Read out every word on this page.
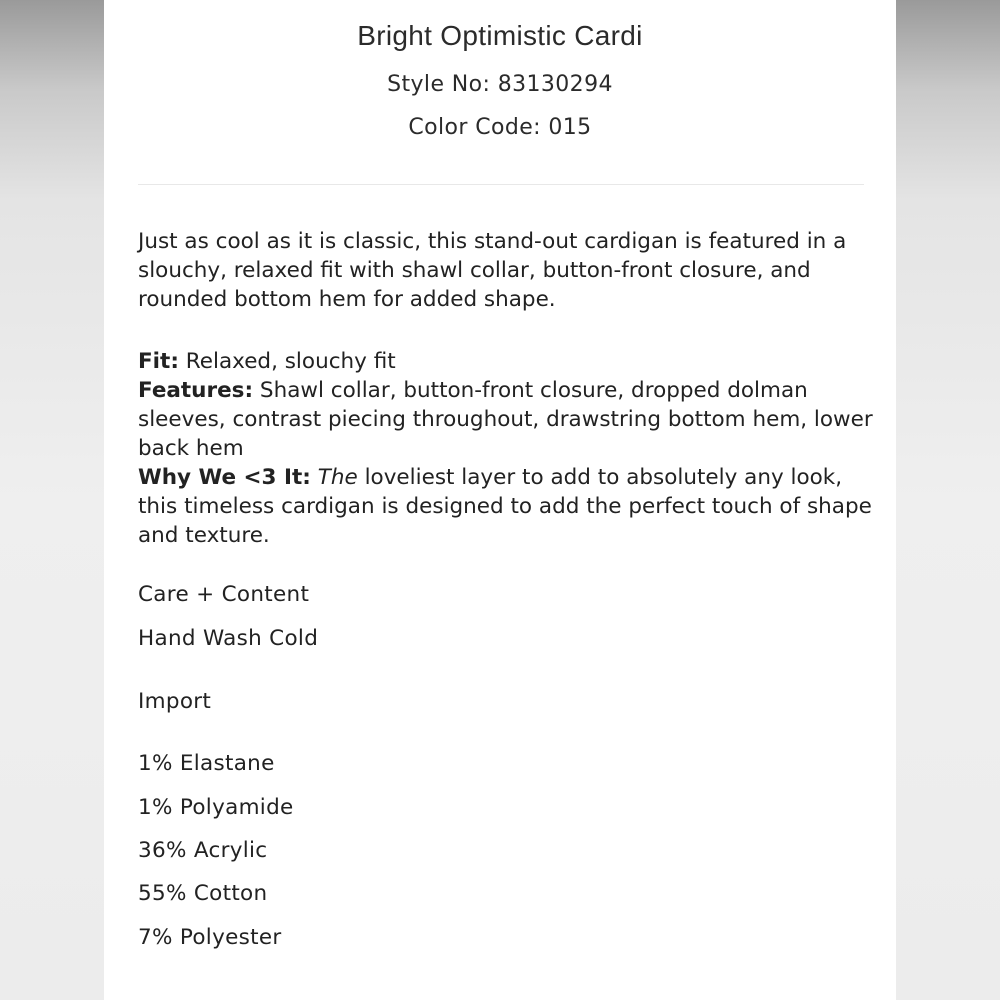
Bright Optimistic Cardi
Style No: 83130294
Color Code: 015
Just as cool as it is classic, this stand-out cardigan is featured in a slouchy, relaxed fit with shawl collar, button-front closure, and rounded bottom hem for added shape.
Fit: Relaxed, slouchy fit
Features: Shawl collar, button-front closure, dropped dolman sleeves, contrast piecing throughout, drawstring bottom hem, lower back hem
Why We <3 It: The loveliest layer to add to absolutely any look, this timeless cardigan is designed to add the perfect touch of shape and texture.
Care + Content
Hand Wash Cold
Import
1% Elastane
1% Polyamide
36% Acrylic
55% Cotton
7% Polyester
